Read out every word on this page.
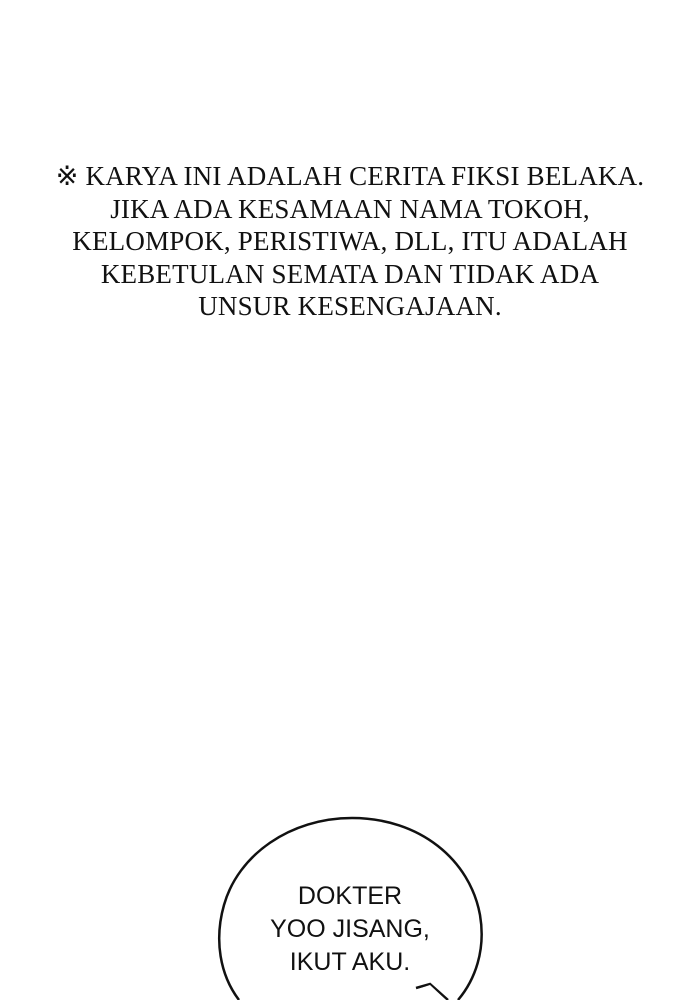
※ KARYA INI ADALAH CERITA FIKSI BELAKA.
JIKA ADA KESAMAAN NAMA TOKOH,
KELOMPOK, PERISTIWA, DLL, ITU ADALAH
KEBETULAN SEMATA DAN TIDAK ADA
UNSUR KESENGAJAAN.
DOKTER
YOO JISANG,
IKUT AKU.
